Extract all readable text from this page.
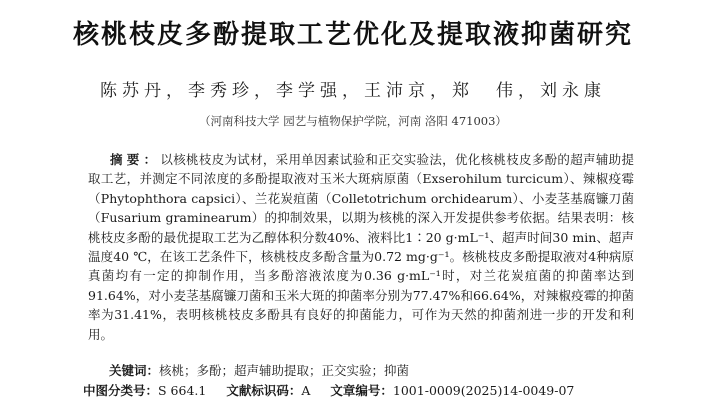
核桃枝皮多酚提取工艺优化及提取液抑菌研究
陈苏丹，李秀珍，李学强，王沛京，郑　伟，刘永康
（河南科技大学 园艺与植物保护学院，河南 洛阳 471003）
摘要：以核桃枝皮为试材，采用单因素试验和正交实验法，优化核桃枝皮多酚的超声辅助提取工艺，并测定不同浓度的多酚提取液对玉米大斑病原菌（Exserohilum turcicum）、辣椒疫霉（Phytophthora capsici）、兰花炭疽菌（Colletotrichum orchidearum）、小麦茎基腐镰刀菌（Fusarium graminearum）的抑制效果，以期为核桃的深入开发提供参考依据。结果表明：核桃枝皮多酚的最优提取工艺为乙醇体积分数40%、液料比1∶20 g·mL⁻¹、超声时间30 min、超声温度40 ℃，在该工艺条件下，核桃枝皮多酚含量为0.72 mg·g⁻¹。核桃枝皮多酚提取液对4种病原真菌均有一定的抑制作用，当多酚溶液浓度为0.36 g·mL⁻¹时，对兰花炭疽菌的抑菌率达到91.64%，对小麦茎基腐镰刀菌和玉米大斑的抑菌率分别为77.47%和66.64%，对辣椒疫霉的抑菌率为31.41%，表明核桃枝皮多酚具有良好的抑菌能力，可作为天然的抑菌剂进一步的开发和利用。
关键词：核桃；多酚；超声辅助提取；正交实验；抑菌
中图分类号：S 664.1 文献标识码：A 文章编号：1001-0009(2025)14-0049-07
